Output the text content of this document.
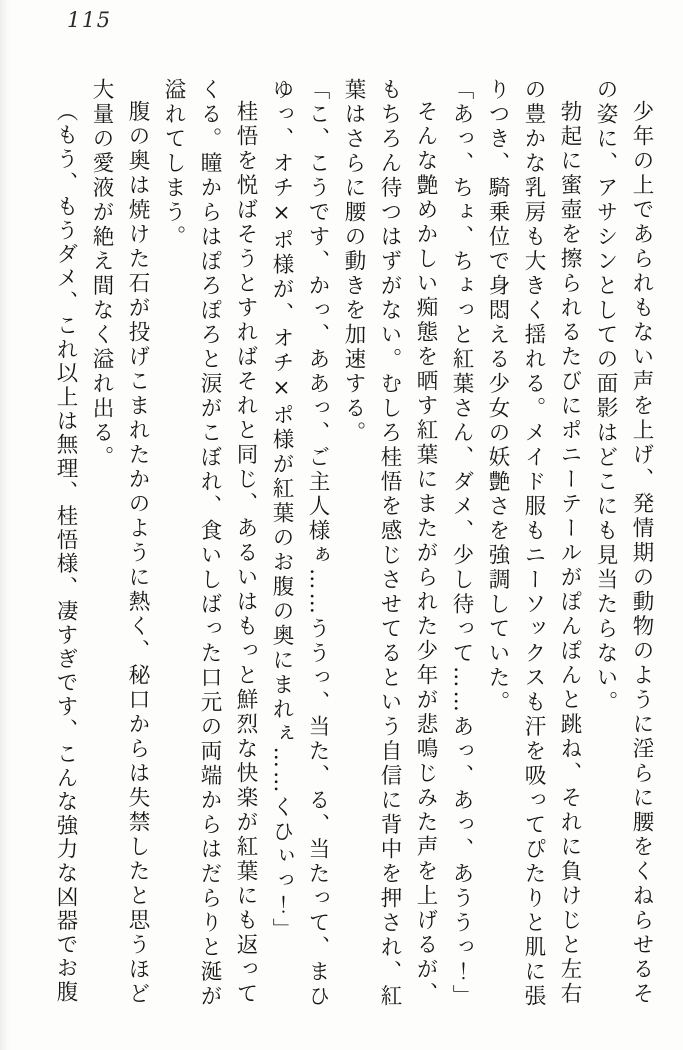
115

少年の上であられもない声を上げ、発情期の動物のように淫らに腰をくねらせるその姿に、アサシンとしての面影はどこにも見当たらない。

勃起に蜜壺を擦られるたびにポニーテールがぽんぽんと跳ね、それに負けじと左右の豊かな乳房も大きく揺れる。メイド服もニーソックスも汗を吸ってぴたりと肌に張りつき、騎乗位で身悶える少女の妖艶さを強調していた。

「あっ、ちょ、ちょっと紅葉さん、ダメ、少し待って……あっ、あっ、あううっ！」

そんな艶めかしい痴態を晒す紅葉にまたがられた少年が悲鳴じみた声を上げるが、もちろん待つはずがない。むしろ桂悟を感じさせてるという自信に背中を押され、紅葉はさらに腰の動きを加速する。

「こ、こうです、かっ、ああっ、ご主人様ぁ……ううっ、当た、る、当たって、まひゆっ、オチ×ポ様が、オチ×ポ様が紅葉のお腹の奥にまれぇ……くひぃっ！」

桂悟を悦ばそうとすればそれと同じ、あるいはもっと鮮烈な快楽が紅葉にも返ってくる。瞳からはぽろぽろと涙がこぼれ、食いしばった口元の両端からはだらりと涎が溢れてしまう。

腹の奥は焼けた石が投げこまれたかのように熱く、秘口からは失禁したと思うほど大量の愛液が絶え間なく溢れ出る。

（もう、もうダメ、これ以上は無理、桂悟様、凄すぎです、こんな強力な凶器でお腹
